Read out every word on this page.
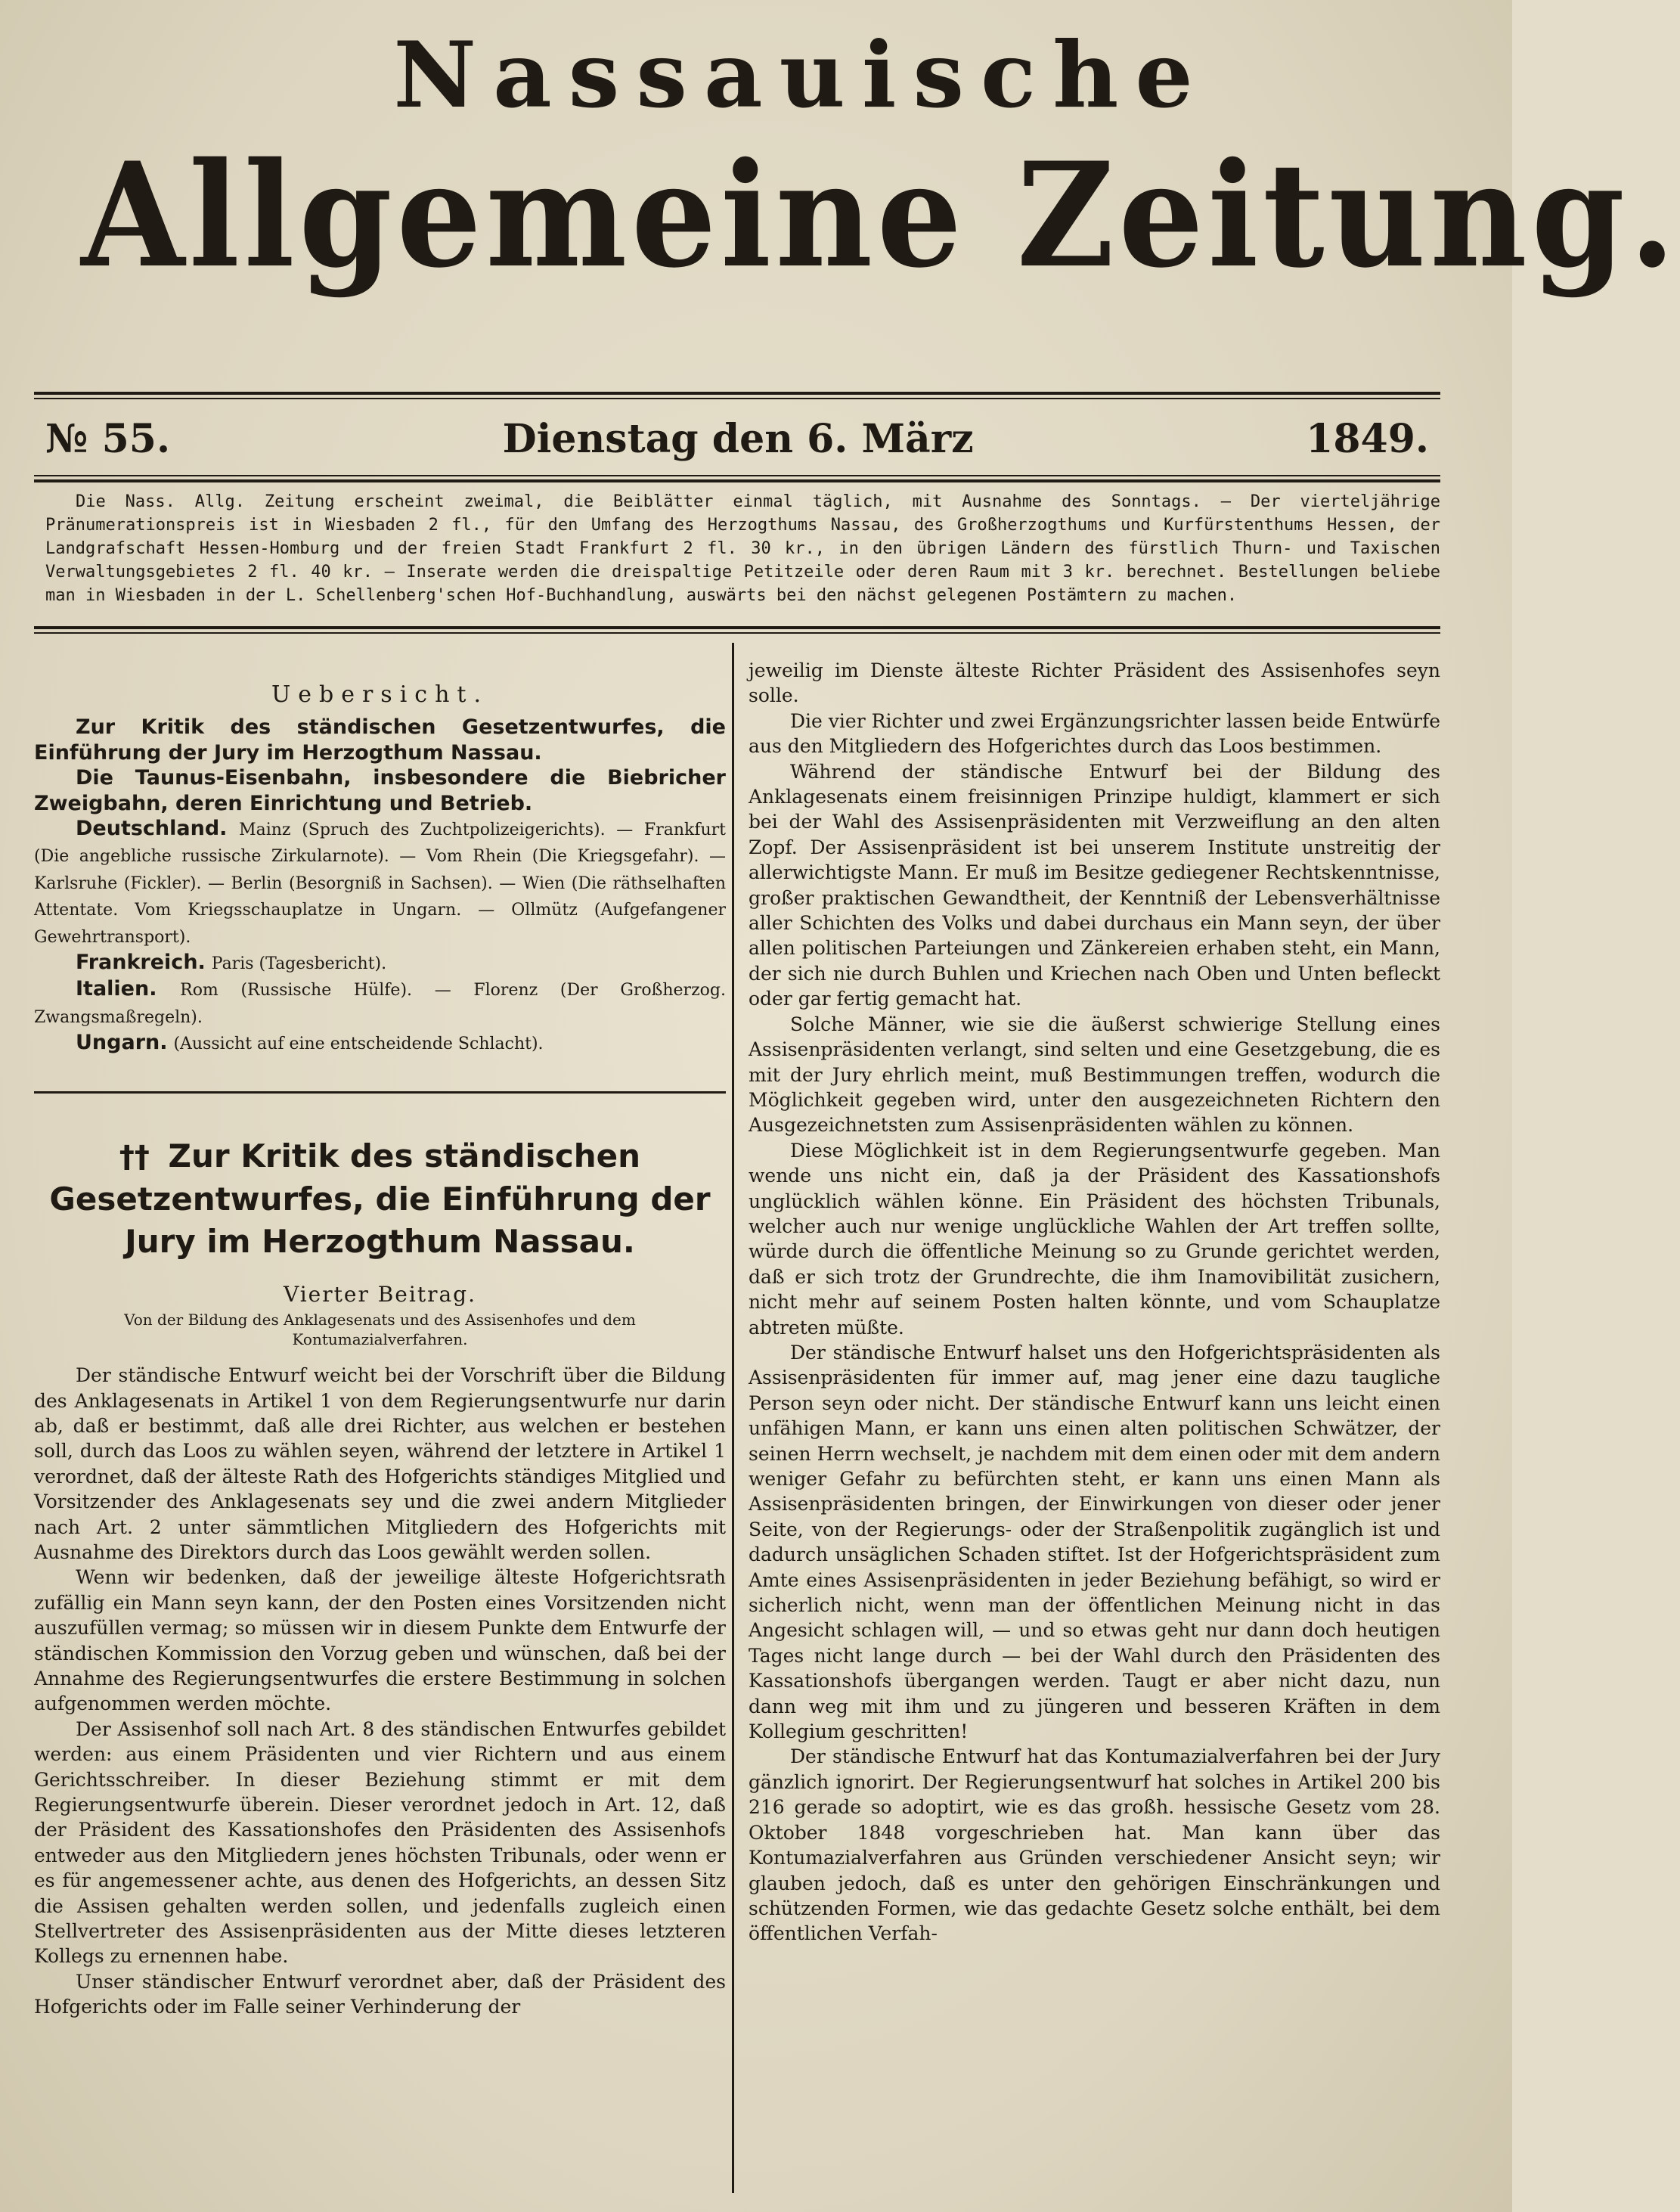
Nassauische
Allgemeine Zeitung.
№ 55.	Dienstag den 6. März	1849.
Die Nass. Allg. Zeitung erscheint zweimal, die Beiblätter einmal täglich, mit Ausnahme des Sonntags. — Der vierteljährige Pränumerationspreis ist in Wiesbaden 2 fl., für den Umfang des Herzogthums Nassau, des Großherzogthums und Kurfürstenthums Hessen, der Landgrafschaft Hessen-Homburg und der freien Stadt Frankfurt 2 fl. 30 kr., in den übrigen Ländern des fürstlich Thurn- und Taxischen Verwaltungsgebietes 2 fl. 40 kr. — Inserate werden die dreispaltige Petitzeile oder deren Raum mit 3 kr. berechnet. Bestellungen beliebe man in Wiesbaden in der L. Schellenberg'schen Hof-Buchhandlung, auswärts bei den nächst gelegenen Postämtern zu machen.
Uebersicht.

Zur Kritik des ständischen Gesetzentwurfes, die Einführung der Jury im Herzogthum Nassau.

Die Taunus-Eisenbahn, insbesondere die Biebricher Zweigbahn, deren Einrichtung und Betrieb.

Deutschland. Mainz (Spruch des Zuchtpolizeigerichts). — Frankfurt (Die angebliche russische Zirkularnote). — Vom Rhein (Die Kriegsgefahr). — Karlsruhe (Fickler). — Berlin (Besorgniß in Sachsen). — Wien (Die räthselhaften Attentate. Vom Kriegsschauplatze in Ungarn. — Ollmütz (Aufgefangener Gewehrtransport).

Frankreich. Paris (Tagesbericht).

Italien. Rom (Russische Hülfe). — Florenz (Der Großherzog. Zwangsmaßregeln).

Ungarn. (Aussicht auf eine entscheidende Schlacht).

†† Zur Kritik des ständischen Gesetzentwurfes, die Einführung der Jury im Herzogthum Nassau.
Vierter Beitrag.
Von der Bildung des Anklagesenats und des Assisenhofes und dem Kontumazialverfahren.

Der ständische Entwurf weicht bei der Vorschrift über die Bildung des Anklagesenats in Artikel 1 von dem Regierungsentwurfe nur darin ab, daß er bestimmt, daß alle drei Richter, aus welchen er bestehen soll, durch das Loos zu wählen seyen, während der letztere in Artikel 1 verordnet, daß der älteste Rath des Hofgerichts ständiges Mitglied und Vorsitzender des Anklagesenats sey und die zwei andern Mitglieder nach Art. 2 unter sämmtlichen Mitgliedern des Hofgerichts mit Ausnahme des Direktors durch das Loos gewählt werden sollen.

Wenn wir bedenken, daß der jeweilige älteste Hofgerichtsrath zufällig ein Mann seyn kann, der den Posten eines Vorsitzenden nicht auszufüllen vermag; so müssen wir in diesem Punkte dem Entwurfe der ständischen Kommission den Vorzug geben und wünschen, daß bei der Annahme des Regierungsentwurfes die erstere Bestimmung in solchen aufgenommen werden möchte.

Der Assisenhof soll nach Art. 8 des ständischen Entwurfes gebildet werden: aus einem Präsidenten und vier Richtern und aus einem Gerichtsschreiber. In dieser Beziehung stimmt er mit dem Regierungsentwurfe überein. Dieser verordnet jedoch in Art. 12, daß der Präsident des Kassationshofes den Präsidenten des Assisenhofs entweder aus den Mitgliedern jenes höchsten Tribunals, oder wenn er es für angemessener achte, aus denen des Hofgerichts, an dessen Sitz die Assisen gehalten werden sollen, und jedenfalls zugleich einen Stellvertreter des Assisenpräsidenten aus der Mitte dieses letzteren Kollegs zu ernennen habe.

Unser ständischer Entwurf verordnet aber, daß der Präsident des Hofgerichts oder im Falle seiner Verhinderung der

jeweilig im Dienste älteste Richter Präsident des Assisenhofes seyn solle.

Die vier Richter und zwei Ergänzungsrichter lassen beide Entwürfe aus den Mitgliedern des Hofgerichtes durch das Loos bestimmen.

Während der ständische Entwurf bei der Bildung des Anklagesenats einem freisinnigen Prinzipe huldigt, klammert er sich bei der Wahl des Assisenpräsidenten mit Verzweiflung an den alten Zopf. Der Assisenpräsident ist bei unserem Institute unstreitig der allerwichtigste Mann. Er muß im Besitze gediegener Rechtskenntnisse, großer praktischen Gewandtheit, der Kenntniß der Lebensverhältnisse aller Schichten des Volks und dabei durchaus ein Mann seyn, der über allen politischen Parteiungen und Zänkereien erhaben steht, ein Mann, der sich nie durch Buhlen und Kriechen nach Oben und Unten befleckt oder gar fertig gemacht hat.

Solche Männer, wie sie die äußerst schwierige Stellung eines Assisenpräsidenten verlangt, sind selten und eine Gesetzgebung, die es mit der Jury ehrlich meint, muß Bestimmungen treffen, wodurch die Möglichkeit gegeben wird, unter den ausgezeichneten Richtern den Ausgezeichnetsten zum Assisenpräsidenten wählen zu können.

Diese Möglichkeit ist in dem Regierungsentwurfe gegeben. Man wende uns nicht ein, daß ja der Präsident des Kassationshofs unglücklich wählen könne. Ein Präsident des höchsten Tribunals, welcher auch nur wenige unglückliche Wahlen der Art treffen sollte, würde durch die öffentliche Meinung so zu Grunde gerichtet werden, daß er sich trotz der Grundrechte, die ihm Inamovibilität zusichern, nicht mehr auf seinem Posten halten könnte, und vom Schauplatze abtreten müßte.

Der ständische Entwurf halset uns den Hofgerichtspräsidenten als Assisenpräsidenten für immer auf, mag jener eine dazu taugliche Person seyn oder nicht. Der ständische Entwurf kann uns leicht einen unfähigen Mann, er kann uns einen alten politischen Schwätzer, der seinen Herrn wechselt, je nachdem mit dem einen oder mit dem andern weniger Gefahr zu befürchten steht, er kann uns einen Mann als Assisenpräsidenten bringen, der Einwirkungen von dieser oder jener Seite, von der Regierungs- oder der Straßenpolitik zugänglich ist und dadurch unsäglichen Schaden stiftet. Ist der Hofgerichtspräsident zum Amte eines Assisenpräsidenten in jeder Beziehung befähigt, so wird er sicherlich nicht, wenn man der öffentlichen Meinung nicht in das Angesicht schlagen will, — und so etwas geht nur dann doch heutigen Tages nicht lange durch — bei der Wahl durch den Präsidenten des Kassationshofs übergangen werden. Taugt er aber nicht dazu, nun dann weg mit ihm und zu jüngeren und besseren Kräften in dem Kollegium geschritten!

Der ständische Entwurf hat das Kontumazialverfahren bei der Jury gänzlich ignorirt. Der Regierungsentwurf hat solches in Artikel 200 bis 216 gerade so adoptirt, wie es das großh. hessische Gesetz vom 28. Oktober 1848 vorgeschrieben hat. Man kann über das Kontumazialverfahren aus Gründen verschiedener Ansicht seyn; wir glauben jedoch, daß es unter den gehörigen Einschränkungen und schützenden Formen, wie das gedachte Gesetz solche enthält, bei dem öffentlichen Verfah-
